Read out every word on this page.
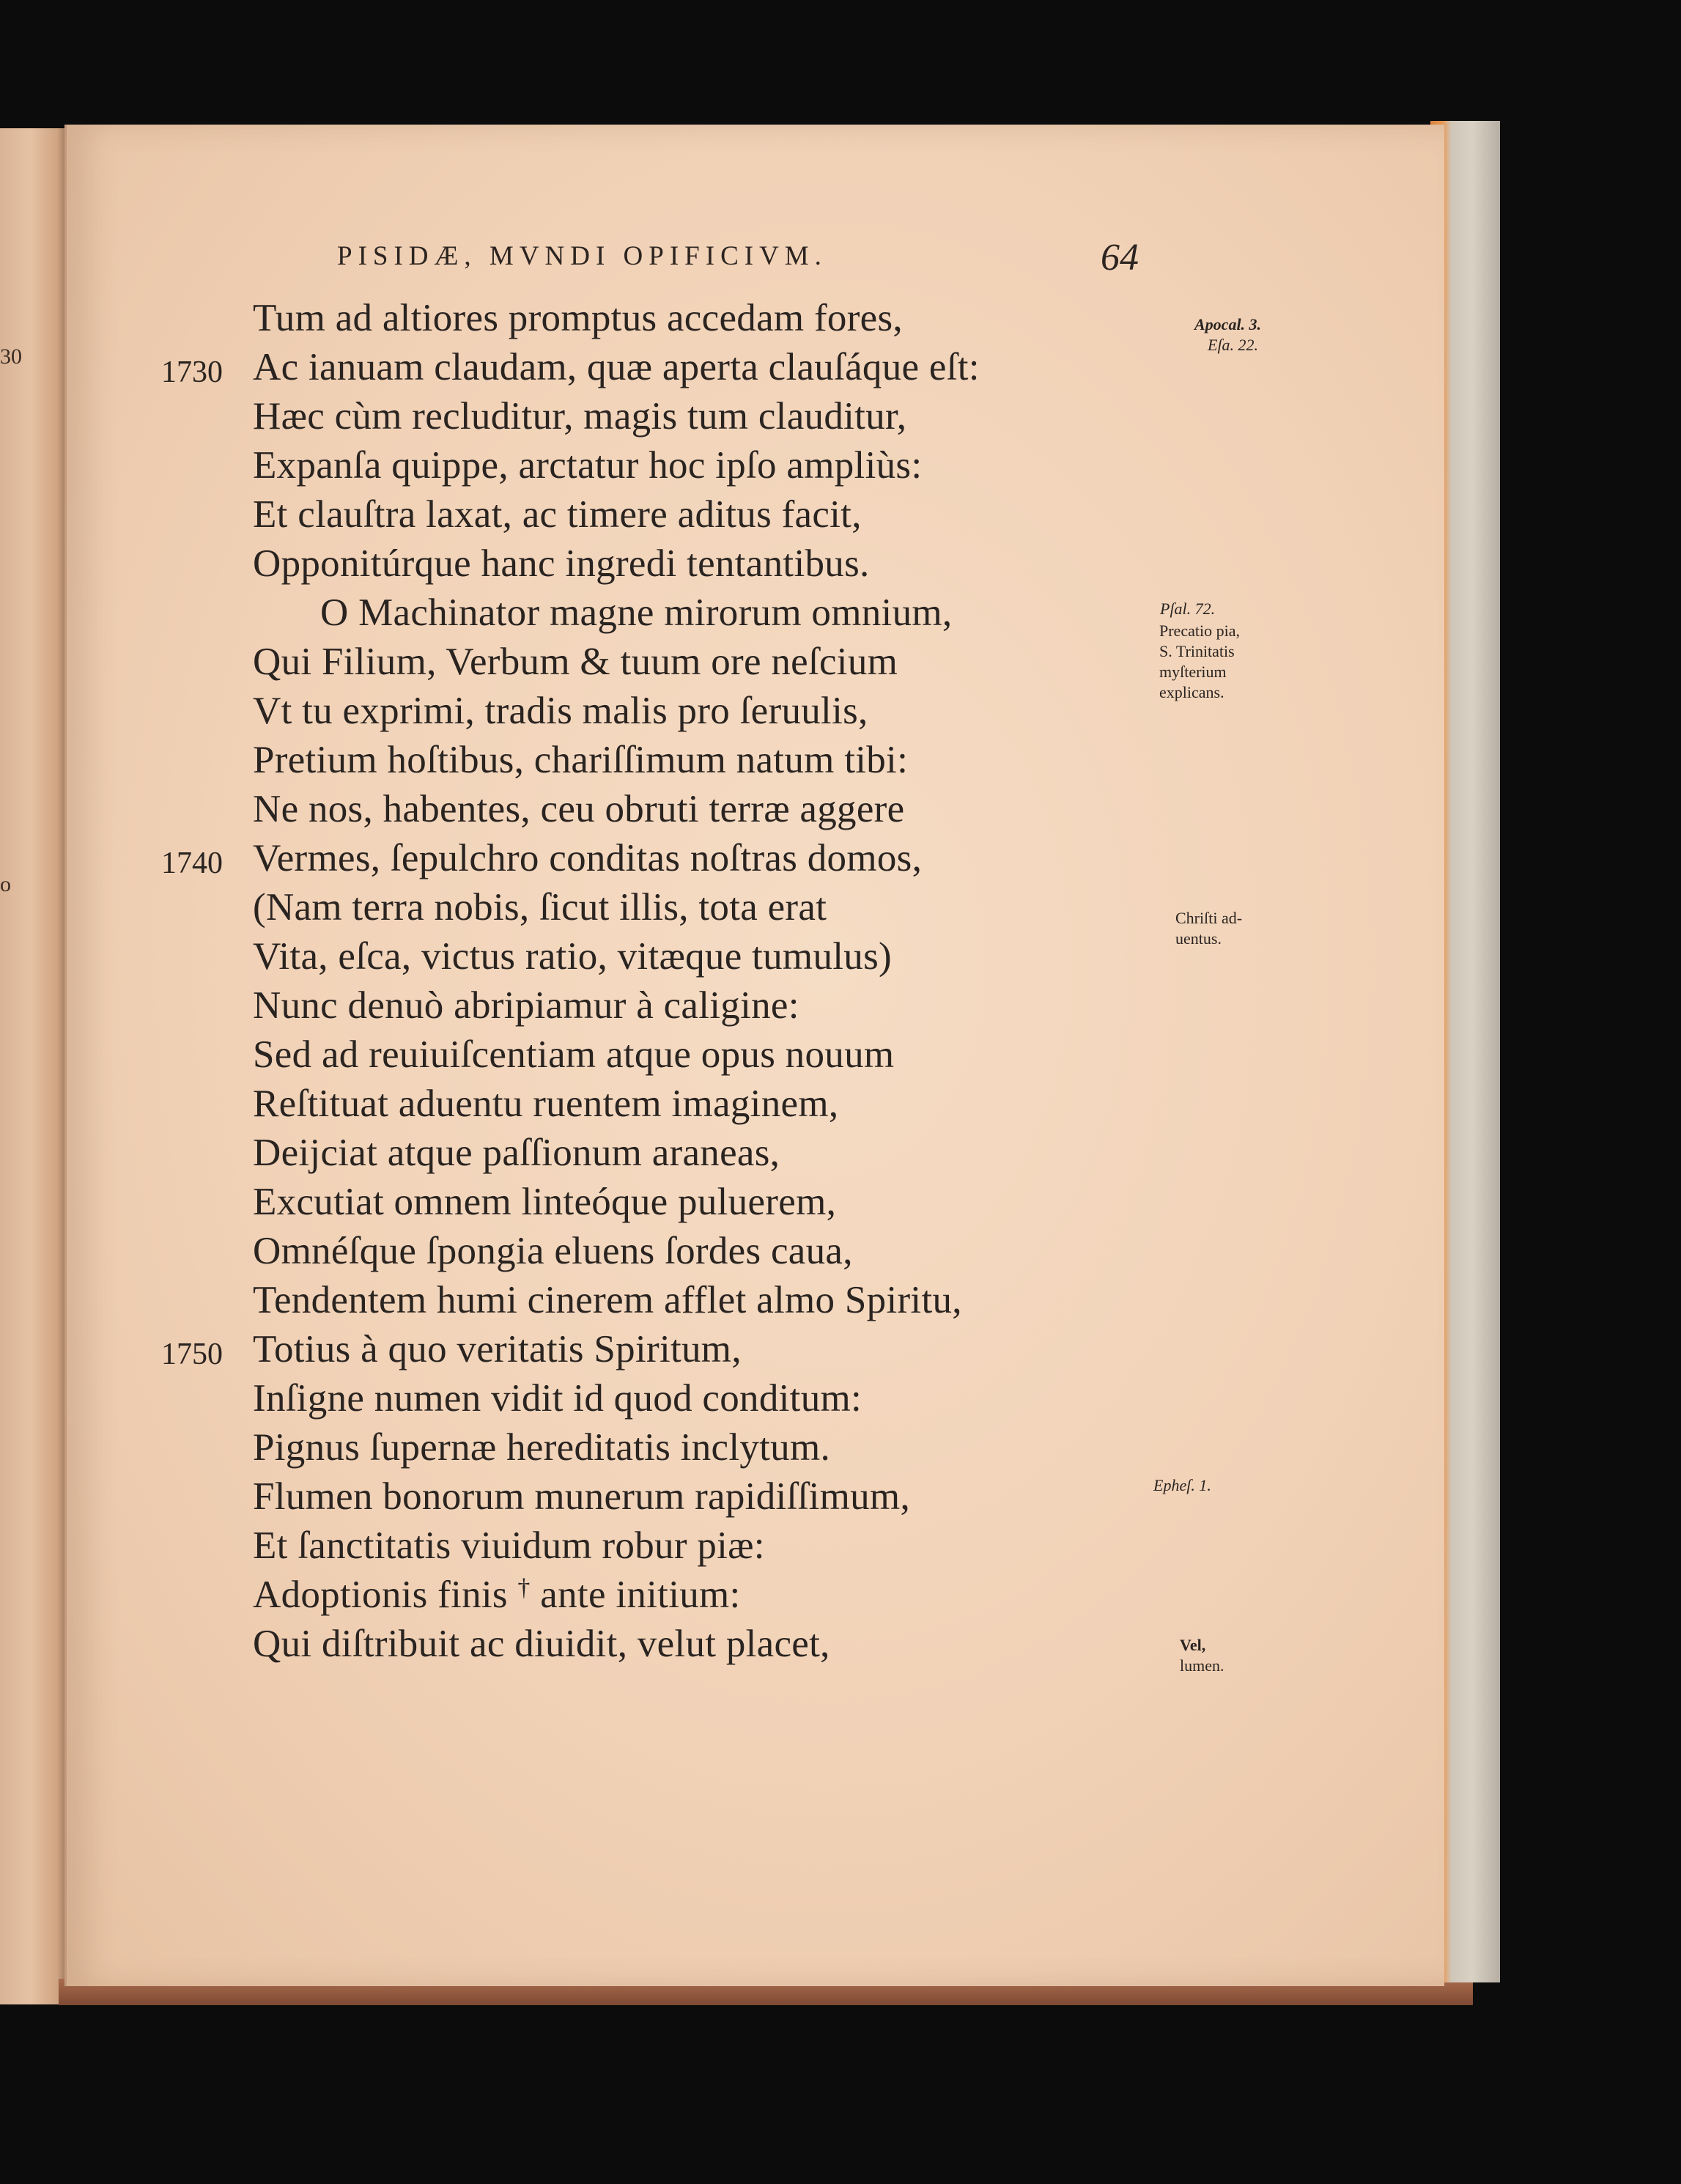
30
o
PISIDÆ, MVNDI OPIFICIVM.	64
Tum ad altiores promptus accedam fores,
Ac ianuam claudam, quæ aperta clauſáque eſt:
Hæc cùm recluditur, magis tum clauditur,
Expanſa quippe, arctatur hoc ipſo ampliùs:
Et clauſtra laxat, ac timere aditus facit,
Opponitúrque hanc ingredi tentantibus.
O Machinator magne mirorum omnium,
Qui Filium, Verbum & tuum ore neſcium
Vt tu exprimi, tradis malis pro ſeruulis,
Pretium hoſtibus, chariſſimum natum tibi:
Ne nos, habentes, ceu obruti terræ aggere
Vermes, ſepulchro conditas noſtras domos,
(Nam terra nobis, ſicut illis, tota erat
Vita, eſca, victus ratio, vitæque tumulus)
Nunc denuò abripiamur à caligine:
Sed ad reuiuiſcentiam atque opus nouum
Reſtituat aduentu ruentem imaginem,
Deijciat atque paſſionum araneas,
Excutiat omnem linteóque puluerem,
Omnéſque ſpongia eluens ſordes caua,
Tendentem humi cinerem afflet almo Spiritu,
Totius à quo veritatis Spiritum,
Inſigne numen vidit id quod conditum:
Pignus ſupernæ hereditatis inclytum.
Flumen bonorum munerum rapidiſſimum,
Et ſanctitatis viuidum robur piæ:
Adoptionis finis † ante initium:
Qui diſtribuit ac diuidit, velut placet,
1730
1740
1750
Apocal. 3.
Eſa. 22.
Pſal. 72.
Precatio pia,
S. Trinitatis
myſterium
explicans.
Chriſti ad-
uentus.
Epheſ. 1.
Vel,
lumen.
